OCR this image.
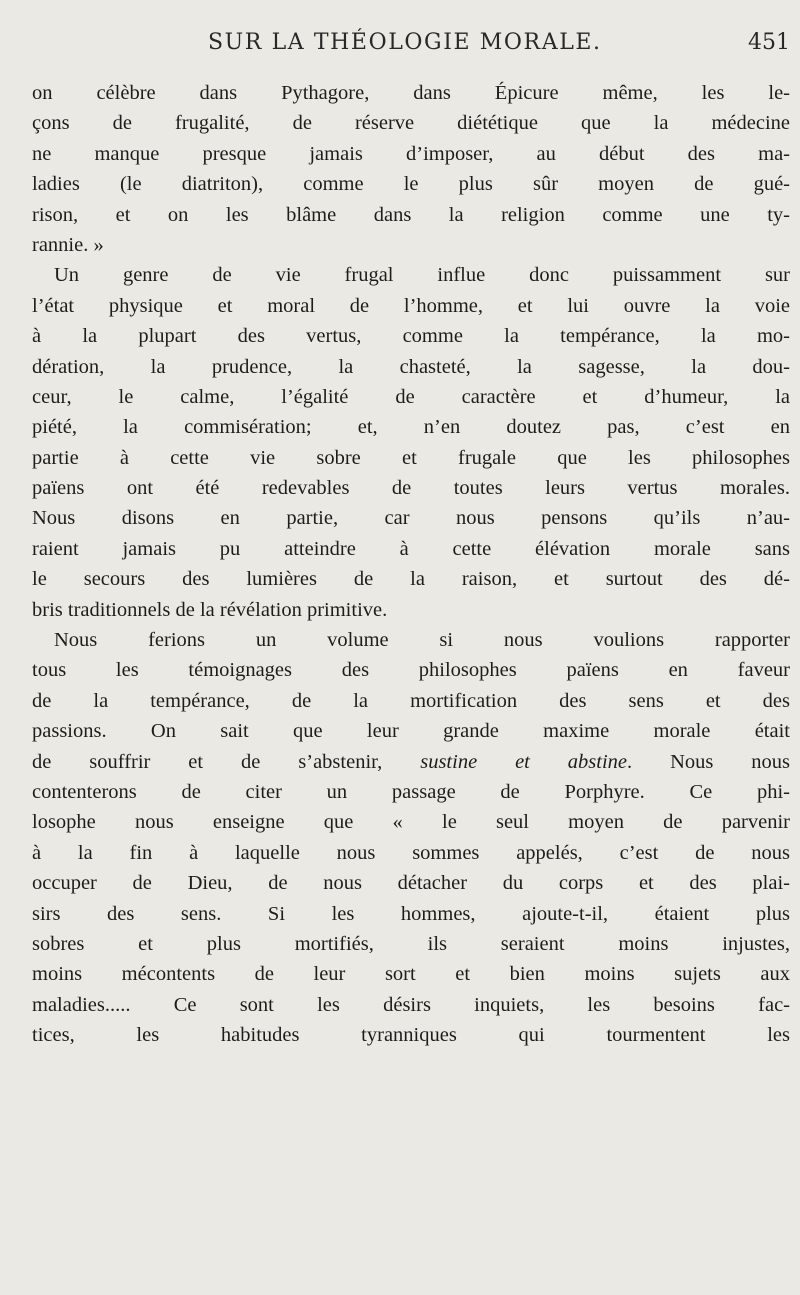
SUR LA THÉOLOGIE MORALE.	451
on célèbre dans Pythagore, dans Épicure même, les le-
çons de frugalité, de réserve diététique que la médecine
ne manque presque jamais d’imposer, au début des ma-
ladies (le diatriton), comme le plus sûr moyen de gué-
rison, et on les blâme dans la religion comme une ty-
rannie. »
Un genre de vie frugal influe donc puissamment sur
l’état physique et moral de l’homme, et lui ouvre la voie
à la plupart des vertus, comme la tempérance, la mo-
dération, la prudence, la chasteté, la sagesse, la dou-
ceur, le calme, l’égalité de caractère et d’humeur, la
piété, la commisération; et, n’en doutez pas, c’est en
partie à cette vie sobre et frugale que les philosophes
païens ont été redevables de toutes leurs vertus morales.
Nous disons en partie, car nous pensons qu’ils n’au-
raient jamais pu atteindre à cette élévation morale sans
le secours des lumières de la raison, et surtout des dé-
bris traditionnels de la révélation primitive.
Nous ferions un volume si nous voulions rapporter
tous les témoignages des philosophes païens en faveur
de la tempérance, de la mortification des sens et des
passions. On sait que leur grande maxime morale était
de souffrir et de s’abstenir, sustine et abstine. Nous nous
contenterons de citer un passage de Porphyre. Ce phi-
losophe nous enseigne que « le seul moyen de parvenir
à la fin à laquelle nous sommes appelés, c’est de nous
occuper de Dieu, de nous détacher du corps et des plai-
sirs des sens. Si les hommes, ajoute-t-il, étaient plus
sobres et plus mortifiés, ils seraient moins injustes,
moins mécontents de leur sort et bien moins sujets aux
maladies..... Ce sont les désirs inquiets, les besoins fac-
tices, les habitudes tyranniques qui tourmentent les
